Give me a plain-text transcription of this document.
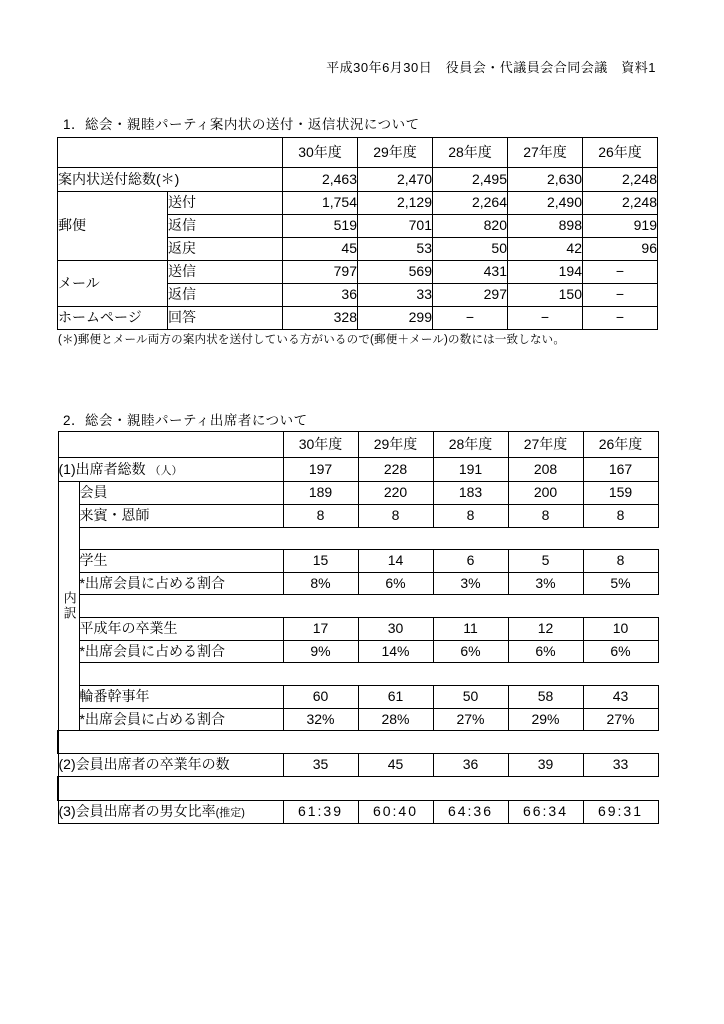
平成30年6月30日　役員会・代議員会合同会議　資料1
1．総会・親睦パーティ案内状の送付・返信状況について
		30年度	29年度	28年度	27年度	26年度
案内状送付総数(＊)		2,463	2,470	2,495	2,630	2,248
郵便	送付	1,754	2,129	2,264	2,490	2,248
	返信	519	701	820	898	919
	返戻	45	53	50	42	96
メール	送信	797	569	431	194	−
	返信	36	33	297	150	−
ホームページ	回答	328	299	−	−	−
(＊)郵便とメール両方の案内状を送付している方がいるので(郵便＋メール)の数には一致しない。
2．総会・親睦パーティ出席者について
		30年度	29年度	28年度	27年度	26年度
(1)出席者総数 （人）		197	228	191	208	167

内訳	会員	189	220	183	200	159
	来賓・恩師	8	8	8	8	8

	学生	15	14	6	5	8
	*出席会員に占める割合	8%	6%	3%	3%	5%

	平成年の卒業生	17	30	11	12	10
	*出席会員に占める割合	9%	14%	6%	6%	6%

	輪番幹事年	60	61	50	58	43
	*出席会員に占める割合	32%	28%	27%	29%	27%

(2)会員出席者の卒業年の数		35	45	36	39	33

(3)会員出席者の男女比率(推定)		61:39	60:40	64:36	66:34	69:31
